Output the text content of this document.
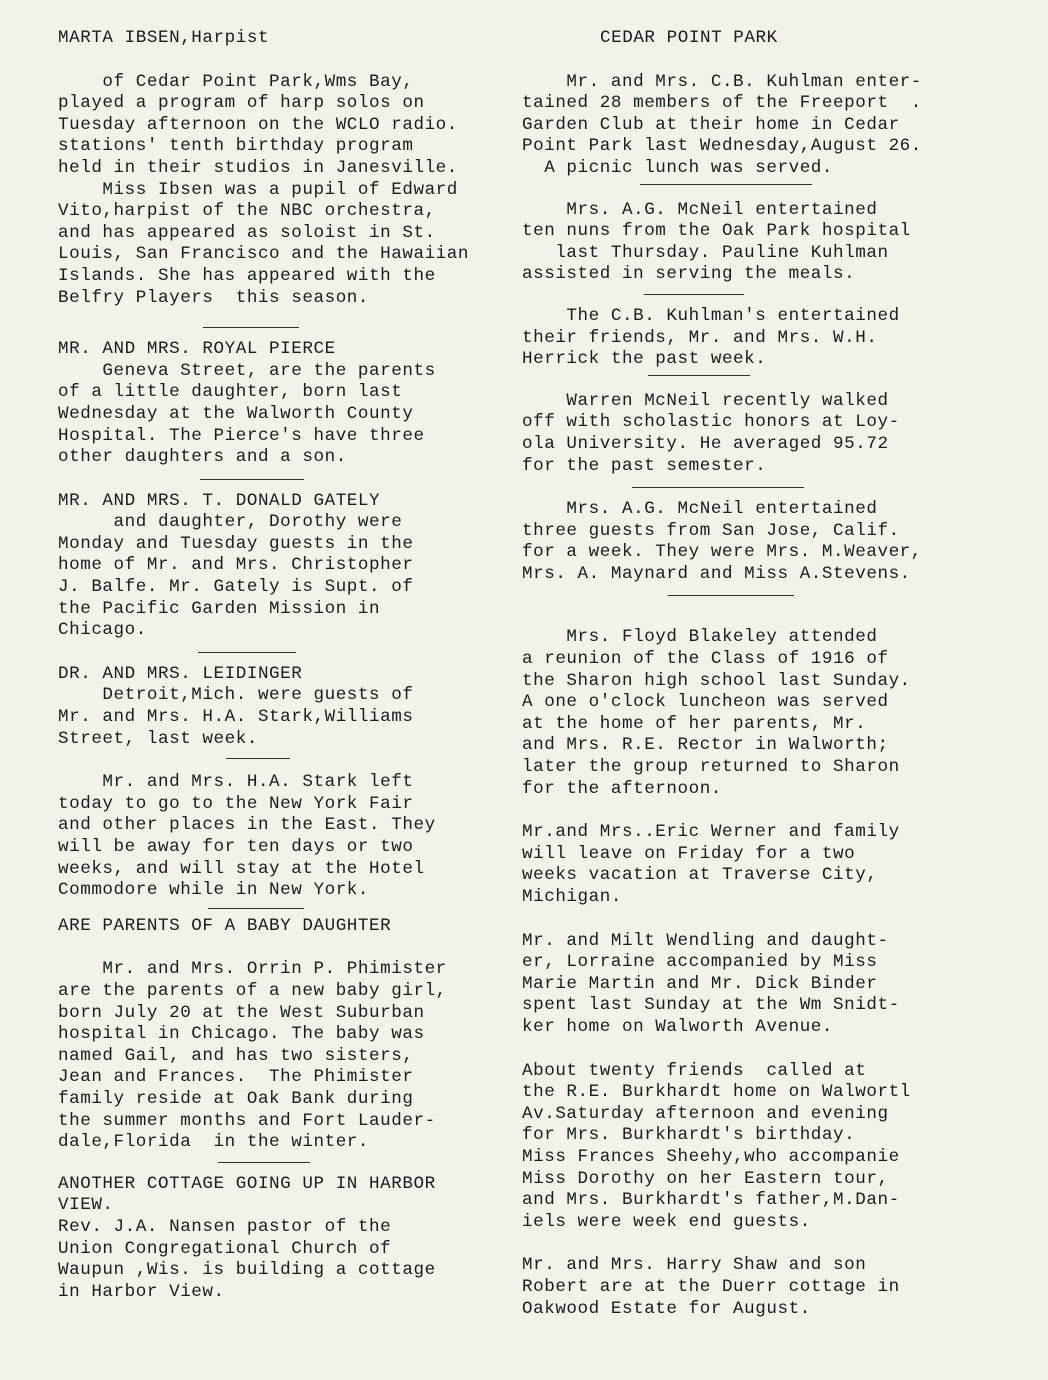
MARTA IBSEN,Harpist
of Cedar Point Park,Wms Bay,
played a program of harp solos on
Tuesday afternoon on the WCLO radio.
stations' tenth birthday program
held in their studios in Janesville.
Miss Ibsen was a pupil of Edward
Vito,harpist of the NBC orchestra,
and has appeared as soloist in St.
Louis, San Francisco and the Hawaiian
Islands. She has appeared with the
Belfry Players  this season.
MR. AND MRS. ROYAL PIERCE
Geneva Street, are the parents
of a little daughter, born last
Wednesday at the Walworth County
Hospital. The Pierce's have three
other daughters and a son.
MR. AND MRS. T. DONALD GATELY
and daughter, Dorothy were
Monday and Tuesday guests in the
home of Mr. and Mrs. Christopher
J. Balfe. Mr. Gately is Supt. of
the Pacific Garden Mission in
Chicago.
DR. AND MRS. LEIDINGER
Detroit,Mich. were guests of
Mr. and Mrs. H.A. Stark,Williams
Street, last week.
Mr. and Mrs. H.A. Stark left
today to go to the New York Fair
and other places in the East. They
will be away for ten days or two
weeks, and will stay at the Hotel
Commodore while in New York.
ARE PARENTS OF A BABY DAUGHTER
Mr. and Mrs. Orrin P. Phimister
are the parents of a new baby girl,
born July 20 at the West Suburban
hospital in Chicago. The baby was
named Gail, and has two sisters,
Jean and Frances.  The Phimister
family reside at Oak Bank during
the summer months and Fort Lauder-
dale,Florida  in the winter.
ANOTHER COTTAGE GOING UP IN HARBOR
VIEW.
Rev. J.A. Nansen pastor of the
Union Congregational Church of
Waupun ,Wis. is building a cottage
in Harbor View.
CEDAR POINT PARK
Mr. and Mrs. C.B. Kuhlman enter-
tained 28 members of the Freeport  .
Garden Club at their home in Cedar
Point Park last Wednesday,August 26.
A picnic lunch was served.
Mrs. A.G. McNeil entertained
ten nuns from the Oak Park hospital
last Thursday. Pauline Kuhlman
assisted in serving the meals.
The C.B. Kuhlman's entertained
their friends, Mr. and Mrs. W.H.
Herrick the past week.
Warren McNeil recently walked
off with scholastic honors at Loy-
ola University. He averaged 95.72
for the past semester.
Mrs. A.G. McNeil entertained
three guests from San Jose, Calif.
for a week. They were Mrs. M.Weaver,
Mrs. A. Maynard and Miss A.Stevens.
Mrs. Floyd Blakeley attended
a reunion of the Class of 1916 of
the Sharon high school last Sunday.
A one o'clock luncheon was served
at the home of her parents, Mr.
and Mrs. R.E. Rector in Walworth;
later the group returned to Sharon
for the afternoon.
Mr.and Mrs..Eric Werner and family
will leave on Friday for a two
weeks vacation at Traverse City,
Michigan.
Mr. and Milt Wendling and daught-
er, Lorraine accompanied by Miss
Marie Martin and Mr. Dick Binder
spent last Sunday at the Wm Snidt-
ker home on Walworth Avenue.
About twenty friends  called at
the R.E. Burkhardt home on Walwortl
Av.Saturday afternoon and evening
for Mrs. Burkhardt's birthday.
Miss Frances Sheehy,who accompanie
Miss Dorothy on her Eastern tour,
and Mrs. Burkhardt's father,M.Dan-
iels were week end guests.
Mr. and Mrs. Harry Shaw and son
Robert are at the Duerr cottage in
Oakwood Estate for August.
